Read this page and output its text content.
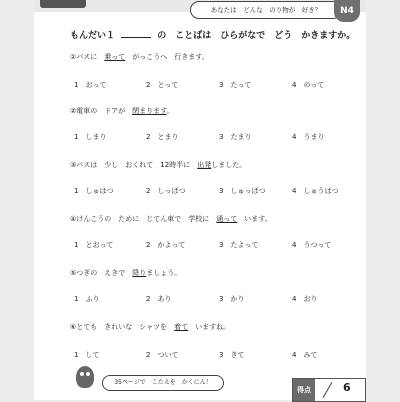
あなたは　どんな　のり物が　好き？	N4
もんだい１	の　ことばは　ひらがなで　どう　かきますか。
①バスに　乗って　がっこうへ　行きます。
1　おって	2　とって	3　たって	4　のって
②電車の　ドアが　閉まります。
1　しまり	2　とまり	3　たまり	4　うまり
③バスは　少し　おくれて　12時半に　出発しました。
1　しゅはつ	2　しっぱつ	3　しゅっぱつ	4　しゅうはつ
④けんこうの　ために　じてん車で　学校に　通って　います。
1　とおって	2　かよって	3　たよって	4　うつって
⑤つぎの　えきで　降りましょう。
1　ふり	2　あり	3　かり	4　おり
⑥とても　きれいな　シャツを　着て　いますね。
1　して	2　ついて	3　きて	4　みて
35ページで　こたえを　かくにん！
得点	6
